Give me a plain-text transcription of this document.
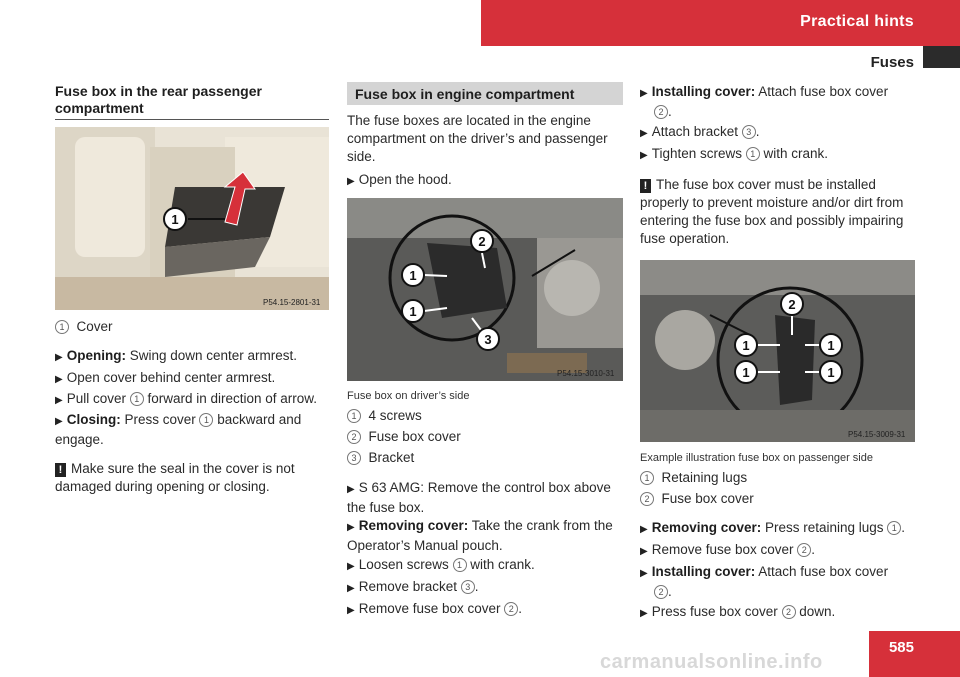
Practical hints
Fuses
Fuse box in the rear passenger compartment
1
P54.15-2801-31
1 Cover
▶ Opening: Swing down center armrest.
▶ Open cover behind center armrest.
▶ Pull cover 1 forward in direction of arrow.
▶ Closing: Press cover 1 backward and engage.
! Make sure the seal in the cover is not damaged during opening or closing.
Fuse box in engine compartment
The fuse boxes are located in the engine compartment on the driver’s and passenger side.
▶ Open the hood.
1
1
2
3
P54.15-3010-31
Fuse box on driver’s side
1 4 screws
2 Fuse box cover
3 Bracket
▶ S 63 AMG: Remove the control box above the fuse box.
▶ Removing cover: Take the crank from the Operator’s Manual pouch.
▶ Loosen screws 1 with crank.
▶ Remove bracket 3 .
▶ Remove fuse box cover 2 .
▶ Installing cover: Attach fuse box cover
2 .
▶ Attach bracket 3 .
▶ Tighten screws 1 with crank.
! The fuse box cover must be installed properly to prevent moisture and/or dirt from entering the fuse box and possibly impairing fuse operation.
2
1
1
1
1
P54.15-3009-31
Example illustration fuse box on passenger side
1 Retaining lugs
2 Fuse box cover
▶ Removing cover: Press retaining lugs 1 .
▶ Remove fuse box cover 2 .
▶ Installing cover: Attach fuse box cover
2 .
▶ Press fuse box cover 2 down.
carmanualsonline.info
585
